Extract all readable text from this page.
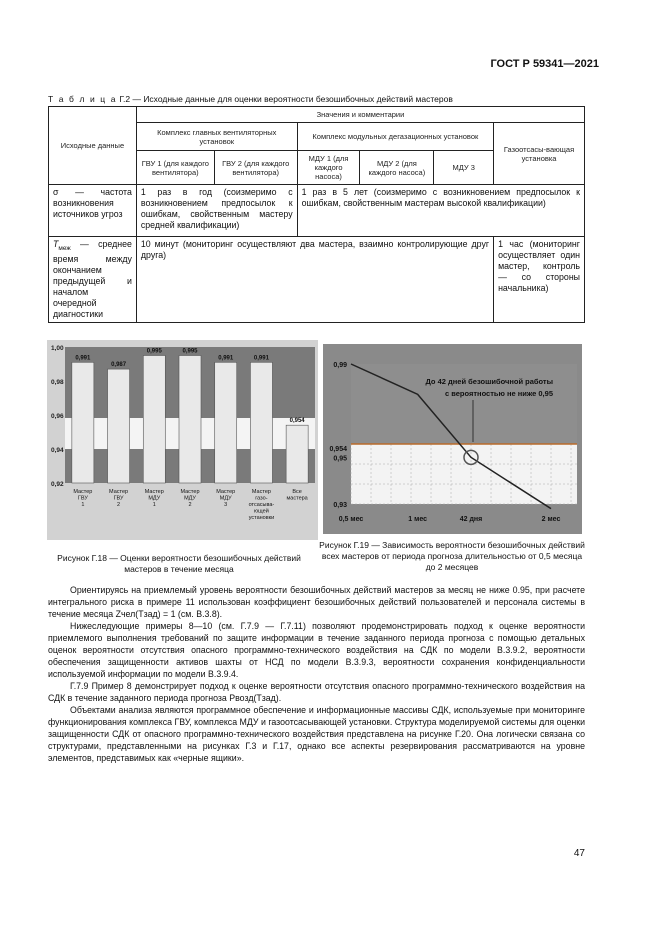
ГОСТ Р 59341—2021
Т а б л и ц а Г.2 — Исходные данные для оценки вероятности безошибочных действий мастеров
Исходные данные	Значения и комментарии					
	Комплекс главных вентиляторных установок		Комплекс модульных дегазационных установок			Газоотсасы-вающая установка
	ГВУ 1 (для каждого вентилятора)	ГВУ 2 (для каждого вентилятора)	МДУ 1 (для каждого насоса)	МДУ 2 (для каждого насоса)	МДУ 3	
σ — частота возникновения источников угроз	1 раз в год (соизмеримо с возникновением предпосылок к ошибкам, свойственным мастеру средней квалификации)		1 раз в 5 лет (соизмеримо с возникновением предпосылок к ошибкам, свойственным мастерам высокой квалификации)			
$T_{меж}$ — среднее время между окончанием предыдущей и началом очередной диагностики	10 минут (мониторинг осуществляют два мастера, взаимно контролирующие друг друга)					1 час (мониторинг осуществляет один мастер, контроль — со стороны начальника)
1,00
0,98
0,96
0,94
0,92
0,991
0,987
0,995	0,995
0,991	0,991
0,954
Мастер ГВУ 1
Мастер ГВУ 2
Мастер МДУ 1
Мастер МДУ 2
Мастер МДУ 3
Мастер газо-отсасыва-ющей установки
Все мастера
Рисунок Г.18 — Оценки вероятности безошибочных действий мастеров в течение месяца
До 42 дней безошибочной работы
с вероятностью не ниже 0,95
0,99
0,954
0,95
0,93
0,5 мес	1 мес	42 дня	2 мес
Рисунок Г.19 — Зависимость вероятности безошибочных действий всех мастеров от периода прогноза длительностью от 0,5 месяца до 2 месяцев

Ориентируясь на приемлемый уровень вероятности безошибочных действий мастеров за месяц не ниже 0.95, при расчете интегрального риска в примере 11 использован коэффициент безошибочных действий пользователей и персонала системы в течение месяца Zчел(Tзад) = 1 (см. В.3.8).

Нижеследующие примеры 8—10 (см. Г.7.9 — Г.7.11) позволяют продемонстрировать подход к оценке вероятности приемлемого выполнения требований по защите информации в течение заданного периода прогноза с помощью детальных оценок вероятности отсутствия опасного программно-технического воздействия на СДК по модели В.3.9.2, вероятности обеспечения защищенности активов шахты от НСД по модели В.3.9.3, вероятности сохранения конфиденциальности используемой информации по модели В.3.9.4.

Г.7.9 Пример 8 демонстрирует подход к оценке вероятности отсутствия опасного программно-технического воздействия на СДК в течение заданного периода прогноза Pвозд(Tзад).

Объектами анализа являются программное обеспечение и информационные массивы СДК, используемые при мониторинге функционирования комплекса ГВУ, комплекса МДУ и газоотсасывающей установки. Структура моделируемой системы для оценки защищенности СДК от опасного программно-технического воздействия представлена на рисунке Г.20. Она логически связана со структурами, представленными на рисунках Г.3 и Г.17, однако все аспекты резервирования рассматриваются на уровне элементов, представимых как «черные ящики».

47
